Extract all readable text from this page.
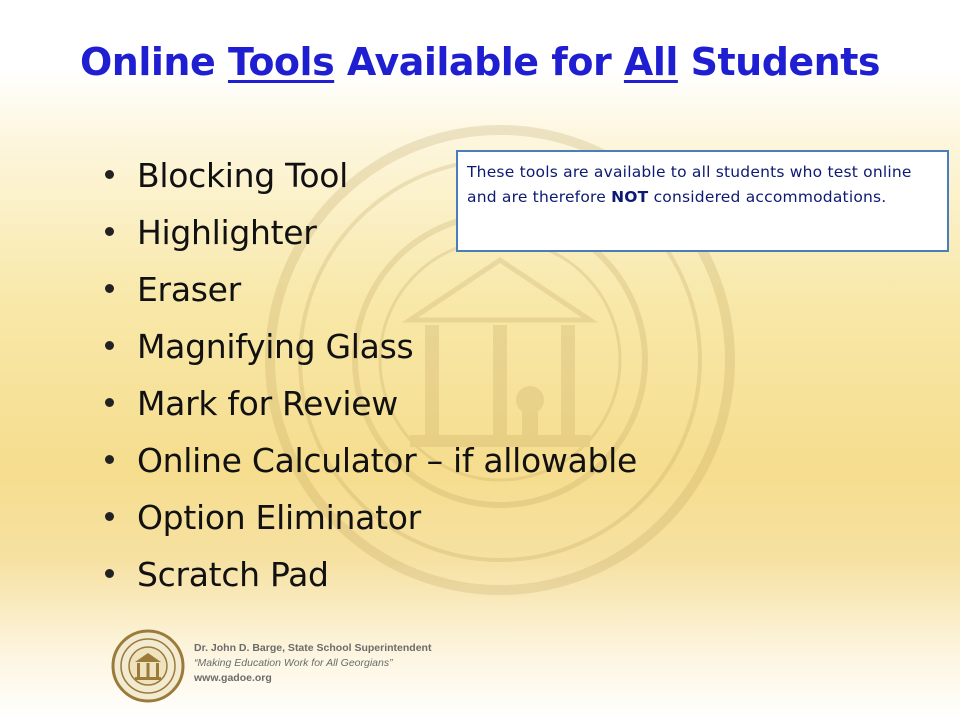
Online Tools Available for All Students
Blocking Tool
Highlighter
Eraser
Magnifying Glass
Mark for Review
Online Calculator – if allowable
Option Eliminator
Scratch Pad
These tools are available to all students who test online and are therefore NOT considered accommodations.
Dr. John D. Barge, State School Superintendent
“Making Education Work for All Georgians”
www.gadoe.org
